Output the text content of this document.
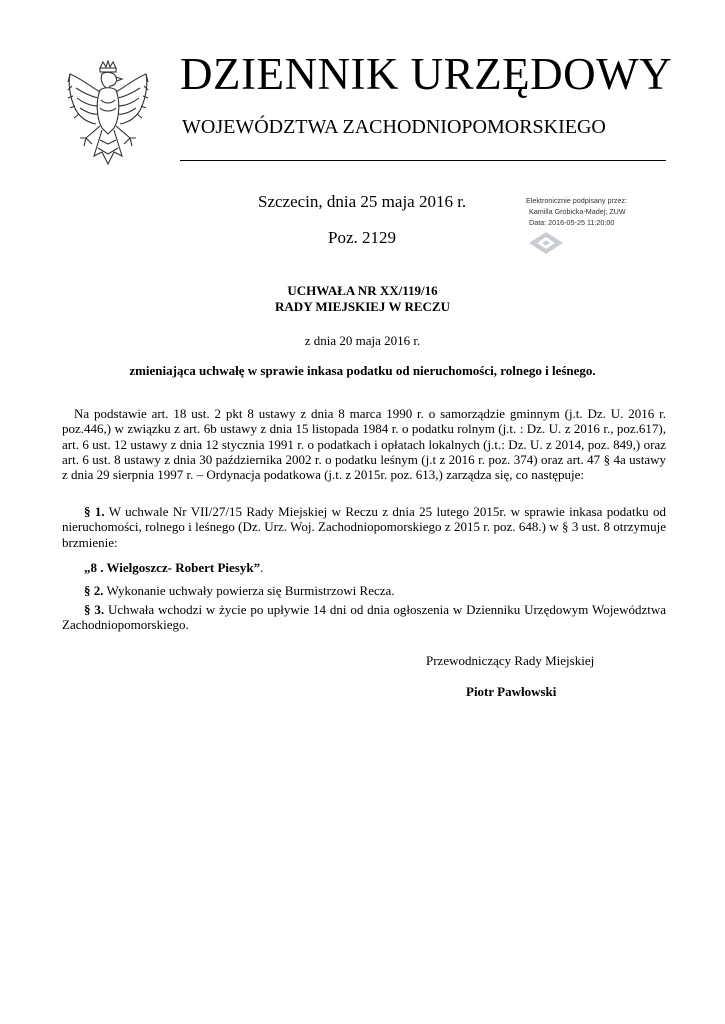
DZIENNIK URZĘDOWY
WOJEWÓDZTWA ZACHODNIOPOMORSKIEGO
Szczecin, dnia 25 maja 2016 r.
Poz. 2129
Elektronicznie podpisany przez:
Kamilla Grobicka-Madej; ZUW
Data: 2016-05-25 11:20:00
UCHWAŁA NR XX/119/16
RADY MIEJSKIEJ W RECZU
z dnia 20 maja 2016 r.
zmieniająca uchwałę w sprawie inkasa podatku od nieruchomości, rolnego i leśnego.
Na podstawie art. 18 ust. 2 pkt 8 ustawy z dnia 8 marca 1990 r. o samorządzie gminnym (j.t. Dz. U. 2016 r. poz.446,) w związku z art. 6b ustawy z dnia 15 listopada 1984 r. o podatku rolnym (j.t. : Dz. U. z 2016 r., poz.617), art. 6 ust. 12 ustawy z dnia 12 stycznia 1991 r. o podatkach i opłatach lokalnych (j.t.: Dz. U. z 2014, poz. 849,) oraz art. 6 ust. 8 ustawy z dnia 30 października 2002 r. o podatku leśnym (j.t z 2016 r. poz. 374) oraz art. 47 § 4a ustawy z dnia 29 sierpnia 1997 r. – Ordynacja podatkowa (j.t. z 2015r. poz. 613,) zarządza się, co następuje:
§ 1. W uchwale Nr VII/27/15 Rady Miejskiej w Reczu z dnia 25 lutego 2015r. w sprawie inkasa podatku od nieruchomości, rolnego i leśnego (Dz. Urz. Woj. Zachodniopomorskiego z 2015 r. poz. 648.) w § 3 ust. 8 otrzymuje brzmienie:
„8 . Wielgoszcz- Robert Piesyk”.
§ 2. Wykonanie uchwały powierza się Burmistrzowi Recza.
§ 3. Uchwała wchodzi w życie po upływie 14 dni od dnia ogłoszenia w Dzienniku Urzędowym Województwa Zachodniopomorskiego.
Przewodniczący Rady Miejskiej
Piotr Pawłowski
